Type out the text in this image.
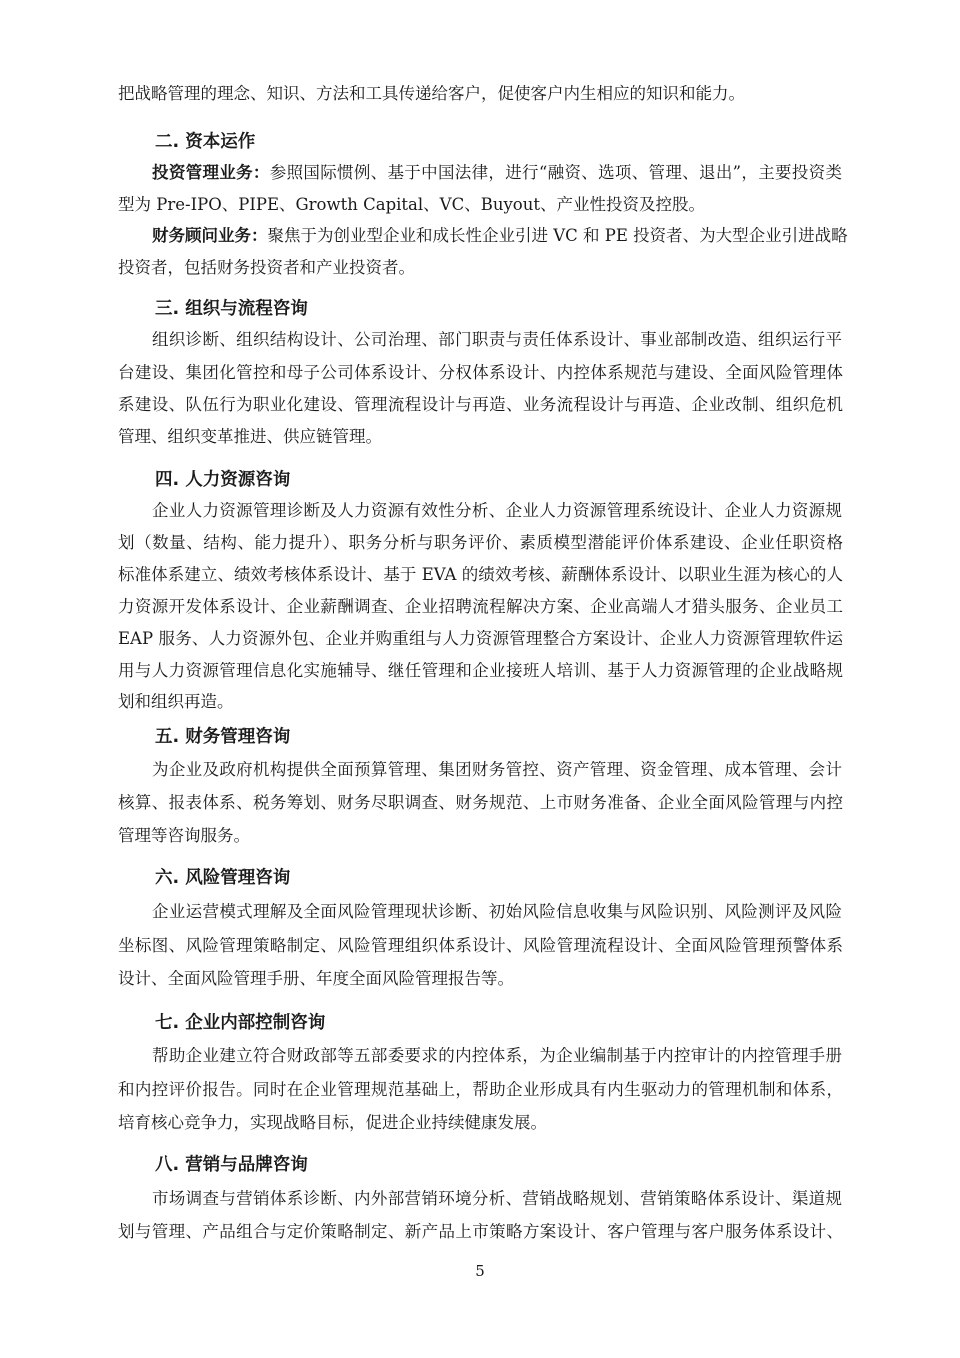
把战略管理的理念、知识、方法和工具传递给客户，促使客户内生相应的知识和能力。
二. 资本运作
投资管理业务：参照国际惯例、基于中国法律，进行“融资、选项、管理、退出”，主要投资类
型为 Pre-IPO、PIPE、Growth Capital、VC、Buyout、产业性投资及控股。
财务顾问业务：聚焦于为创业型企业和成长性企业引进 VC 和 PE 投资者、为大型企业引进战略
投资者，包括财务投资者和产业投资者。
三. 组织与流程咨询
组织诊断、组织结构设计、公司治理、部门职责与责任体系设计、事业部制改造、组织运行平
台建设、集团化管控和母子公司体系设计、分权体系设计、内控体系规范与建设、全面风险管理体
系建设、队伍行为职业化建设、管理流程设计与再造、业务流程设计与再造、企业改制、组织危机
管理、组织变革推进、供应链管理。
四. 人力资源咨询
企业人力资源管理诊断及人力资源有效性分析、企业人力资源管理系统设计、企业人力资源规
划（数量、结构、能力提升）、职务分析与职务评价、素质模型潜能评价体系建设、企业任职资格
标准体系建立、绩效考核体系设计、基于 EVA 的绩效考核、薪酬体系设计、以职业生涯为核心的人
力资源开发体系设计、企业薪酬调查、企业招聘流程解决方案、企业高端人才猎头服务、企业员工
EAP 服务、人力资源外包、企业并购重组与人力资源管理整合方案设计、企业人力资源管理软件运
用与人力资源管理信息化实施辅导、继任管理和企业接班人培训、基于人力资源管理的企业战略规
划和组织再造。
五. 财务管理咨询
为企业及政府机构提供全面预算管理、集团财务管控、资产管理、资金管理、成本管理、会计
核算、报表体系、税务筹划、财务尽职调查、财务规范、上市财务准备、企业全面风险管理与内控
管理等咨询服务。
六. 风险管理咨询
企业运营模式理解及全面风险管理现状诊断、初始风险信息收集与风险识别、风险测评及风险
坐标图、风险管理策略制定、风险管理组织体系设计、风险管理流程设计、全面风险管理预警体系
设计、全面风险管理手册、年度全面风险管理报告等。
七. 企业内部控制咨询
帮助企业建立符合财政部等五部委要求的内控体系，为企业编制基于内控审计的内控管理手册
和内控评价报告。同时在企业管理规范基础上，帮助企业形成具有内生驱动力的管理机制和体系，
培育核心竞争力，实现战略目标，促进企业持续健康发展。
八. 营销与品牌咨询
市场调查与营销体系诊断、内外部营销环境分析、营销战略规划、营销策略体系设计、渠道规
划与管理、产品组合与定价策略制定、新产品上市策略方案设计、客户管理与客户服务体系设计、
5
